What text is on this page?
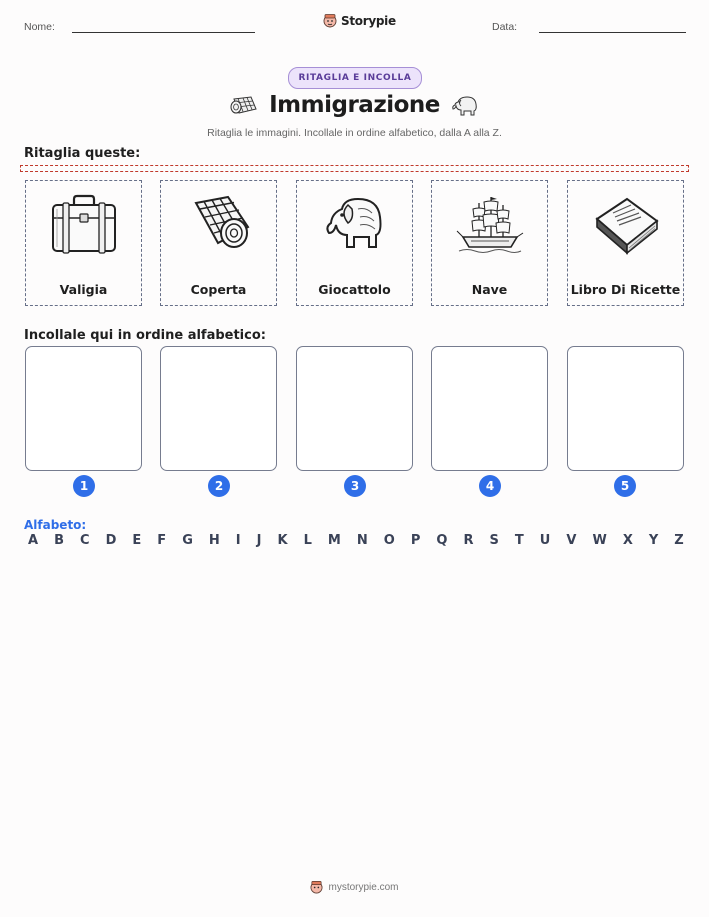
Nome:	Storypie	Data:
RITAGLIA E INCOLLA
Immigrazione
Ritaglia le immagini. Incollale in ordine alfabetico, dalla A alla Z.
Ritaglia queste:
Valigia	Coperta	Giocattolo	Nave	Libro Di Ricette
Incollale qui in ordine alfabetico:
1	2	3	4	5
Alfabeto:
A B C D E F G H I J K L M N O P Q R S T U V W X Y Z
mystorypie.com
